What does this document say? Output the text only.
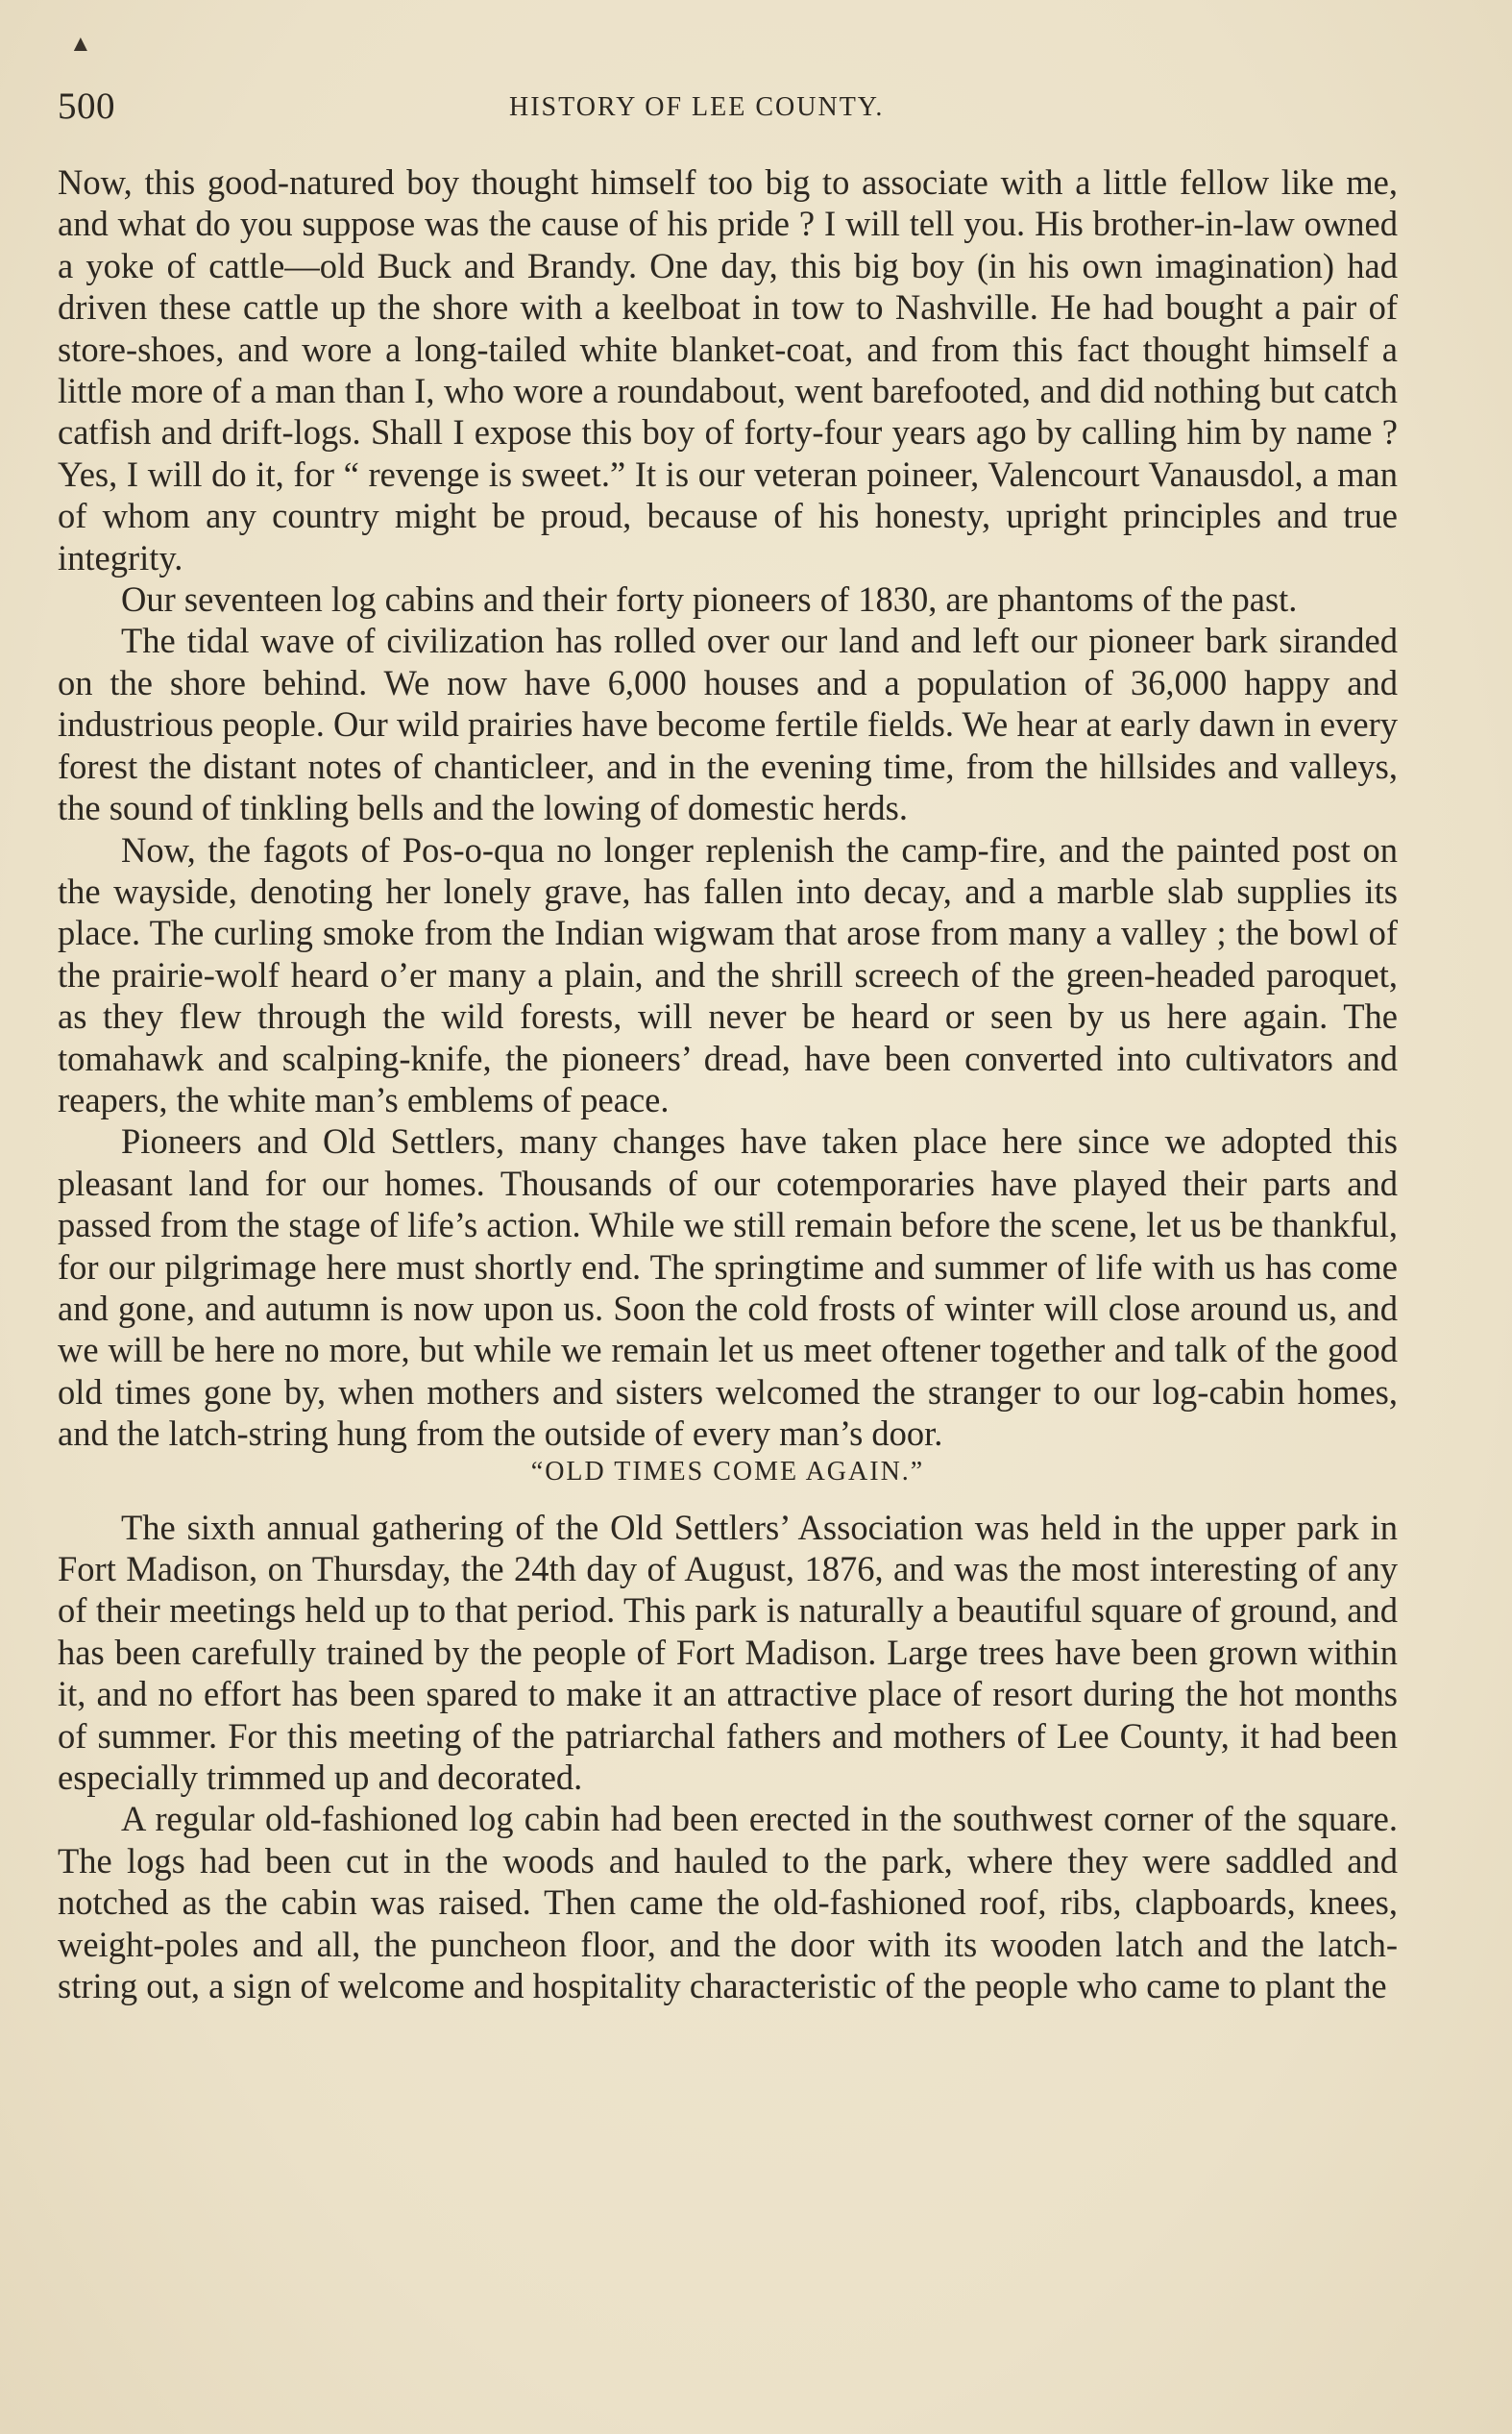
▲
500	HISTORY OF LEE COUNTY.

Now, this good-natured boy thought himself too big to associate with a little fellow like me, and what do you suppose was the cause of his pride ? I will tell you. His brother-in-law owned a yoke of cattle—old Buck and Brandy. One day, this big boy (in his own imagination) had driven these cattle up the shore with a keelboat in tow to Nashville. He had bought a pair of store-shoes, and wore a long-tailed white blanket-coat, and from this fact thought himself a little more of a man than I, who wore a roundabout, went barefooted, and did nothing but catch catfish and drift-logs. Shall I expose this boy of forty-four years ago by calling him by name ? Yes, I will do it, for “ revenge is sweet.” It is our veteran poineer, Valencourt Vanausdol, a man of whom any country might be proud, because of his honesty, upright principles and true integrity.

Our seventeen log cabins and their forty pioneers of 1830, are phantoms of the past.

The tidal wave of civilization has rolled over our land and left our pioneer bark siranded on the shore behind. We now have 6,000 houses and a population of 36,000 happy and industrious people. Our wild prairies have become fertile fields. We hear at early dawn in every forest the distant notes of chanticleer, and in the evening time, from the hillsides and valleys, the sound of tinkling bells and the lowing of domestic herds.

Now, the fagots of Pos-o-qua no longer replenish the camp-fire, and the painted post on the wayside, denoting her lonely grave, has fallen into decay, and a marble slab supplies its place. The curling smoke from the Indian wigwam that arose from many a valley ; the bowl of the prairie-wolf heard o’er many a plain, and the shrill screech of the green-headed paroquet, as they flew through the wild forests, will never be heard or seen by us here again. The tomahawk and scalping-knife, the pioneers’ dread, have been converted into cultivators and reapers, the white man’s emblems of peace.

Pioneers and Old Settlers, many changes have taken place here since we adopted this pleasant land for our homes. Thousands of our cotemporaries have played their parts and passed from the stage of life’s action. While we still remain before the scene, let us be thankful, for our pilgrimage here must shortly end. The springtime and summer of life with us has come and gone, and autumn is now upon us. Soon the cold frosts of winter will close around us, and we will be here no more, but while we remain let us meet oftener together and talk of the good old times gone by, when mothers and sisters welcomed the stranger to our log-cabin homes, and the latch-string hung from the outside of every man’s door.

“OLD TIMES COME AGAIN.”

The sixth annual gathering of the Old Settlers’ Association was held in the upper park in Fort Madison, on Thursday, the 24th day of August, 1876, and was the most interesting of any of their meetings held up to that period. This park is naturally a beautiful square of ground, and has been carefully trained by the people of Fort Madison. Large trees have been grown within it, and no effort has been spared to make it an attractive place of resort during the hot months of summer. For this meeting of the patriarchal fathers and mothers of Lee County, it had been especially trimmed up and decorated.

A regular old-fashioned log cabin had been erected in the southwest corner of the square. The logs had been cut in the woods and hauled to the park, where they were saddled and notched as the cabin was raised. Then came the old-fashioned roof, ribs, clapboards, knees, weight-poles and all, the puncheon floor, and the door with its wooden latch and the latch-string out, a sign of welcome and hospitality characteristic of the people who came to plant the
